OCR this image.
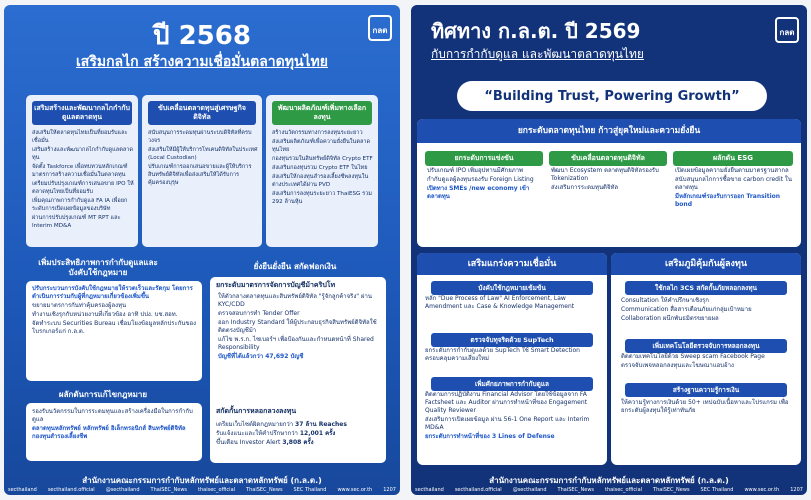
กลต
ปี 2568
เสริมกลไก สร้างความเชื่อมั่นตลาดทุนไทย
เสริมสร้างและพัฒนากลไกกำกับดูแลตลาดทุน

ส่งเสริมให้ตลาดทุนไทยเป็นที่ยอมรับและเชื่อมั่น

เสริมสร้างและพัฒนากลไกกำกับดูแลตลาดทุน

จัดตั้ง Taskforce เพื่อทบทวนหลักเกณฑ์มาตรการสร้างความเชื่อมั่นในตลาดทุน

เตรียมปรับปรุงเกณฑ์การเสนอขาย IPO ให้ตลาดทุนไทยเป็นที่ยอมรับ

เพิ่มคุณภาพการกำกับดูแล FA IA เพื่อยกระดับการเปิดเผยข้อมูลของบริษัท

ผ่านการปรับปรุงเกณฑ์ MT RPT และ Interim MD&A

ขับเคลื่อนตลาดทุนสู่เศรษฐกิจดิจิทัล

สนับสนุนการระดมทุนผ่านระบบดิจิทัลที่ครบวงจร

ส่งเสริมให้มีผู้ให้บริการโทเคนดิจิทัลในประเทศ (Local Custodian)

ปรับเกณฑ์การออกเสนอขายและผู้ให้บริการสินทรัพย์ดิจิทัลเพื่อส่งเสริมให้ได้รับการคุ้มครองบุรุษ

พัฒนาผลิตภัณฑ์เพิ่มทางเลือกลงทุน

สร้างนวัตกรรมทางการลงทุนระยะยาว

ส่งเสริมผลิตภัณฑ์เพื่อความยั่งยืนในตลาดทุนไทย

กองทุนรวมในสินทรัพย์ดิจิทัล Crypto ETF

ส่งเสริมกองทุนรวม Crypto ETF ในไทย

ส่งเสริมให้กองทุนสำรองเลี้ยงชีพลงทุนในต่างประเทศได้ผ่าน PVD

ส่งเสริมการลงทุนระยะยาว ThaiESG รวม 292 ล้านหุ้น

เพิ่มประสิทธิภาพการกำกับดูแลและบังคับใช้กฎหมาย

ปรับกระบวนการบังคับใช้กฎหมายให้รวดเร็วและรัดกุม โดยการดำเนินการร่วมกับผู้ที่กฎหมายเกี่ยวข้องเพิ่มขึ้น

ขยายมาตรการกันท่าคุ้มครองผู้ลงทุน

ทำงานเชิงรุกกับหน่วยงานที่เกี่ยวข้อง อาทิ ปปง. บช.สอท.

จัดทำระบบ Securities Bureau เชื่อมโยงข้อมูลหลักประกันของโบรกเกอร์แก่ ก.ล.ต.

ผลักดันการแก้ไขกฎหมาย

รองรับนวัตกรรมในการระดมทุนและสร้างเครื่องมือในการกำกับดูแล

ตลาดทุนหลักทรัพย์ หลักทรัพย์ อิเล็กทรอนิกส์ สินทรัพย์ดิจิทัล กองทุนสำรองเลี้ยงชีพ

ยั่งยืนยั่งยืน สกัดฟอกเงิน
ยกระดับมาตรการจัดการบัญชีม้าคริปโท

ให้ตัวกลางตลาดทุนและสินทรัพย์ดิจิทัล "รู้จักลูกค้าจริง" ผ่าน KYC/CDD

ตรวจสอบการทำ Tender Offer

ออก Industry Standard ให้ผู้ประกอบธุรกิจสินทรัพย์ดิจิทัลใช้ติดตรงบัญชีม้า

แก้ไข พ.ร.ก. ไซเบอร์ฯ เพื่อป้องกันและกำหนดหน้าที่ Shared Responsibility

บัญชีที่ได้แล้วกว่า 47,692 บัญชี

สกัดกั้นการหลอกลวงลงทุน

เตรียมเว็บไซต์ผิดกฎหมายกว่า 37 ล้าน Reaches

รับแจ้งแนะและให้คำปรึกษากว่า 12,001 ครั้ง

ขึ้นเตือน Investor Alert 3,808 ครั้ง

สำนักงานคณะกรรมการกำกับหลักทรัพย์และตลาดหลักทรัพย์ (ก.ล.ต.)
secthailand secthailand.official @secthailand ThaiSEC_News thaisec_official ThaiSEC_News SEC Thailand www.sec.or.th 1207
กลต
ทิศทาง ก.ล.ต. ปี 2569
กับการกำกับดูแล และพัฒนาตลาดทุนไทย
“Building Trust, Powering Growth”
ยกระดับตลาดทุนไทย ก้าวสู่ยุคใหม่และความยั่งยืน
ยกระดับการแข่งขัน

ปรับเกณฑ์ IPO เพิ่มอุปทานมีศักยภาพ

กำกับดูแลผู้ลงทุนรองรับ Foreign Listing

เปิดทาง SMEs /new economy เข้าตลาดทุน

ขับเคลื่อนตลาดทุนดิจิทัล

พัฒนา Ecosystem ตลาดทุนดิจิทัลรองรับ Tokenization

ส่งเสริมการระดมทุนดิจิทัล

ผลักดัน ESG

เปิดเผยข้อมูลความยั่งยืนตามมาตรฐานสากล

สนับสนุนกลไกการซื้อขาย carbon credit ในตลาดทุน

มีหลักเกณฑ์รองรับการออก Transition bond

เสริมแกร่งความเชื่อมั่น
บังคับใช้กฎหมายเข้มข้น
หลัก "Due Process of Law" AI Enforcement, Law Amendment และ Case & Knowledge Management
ตรวจจับทุจริตด้วย SupTech
ยกระดับการกำกับดูแลด้วย SupTech ใช้ Smart Detection ครอบคลุมความเสี่ยงใหม่
เพิ่มศักยภาพการกำกับดูแล

ติดตามการปฏิบัติงาน Financial Advisor โดยใช้ข้อมูลจาก FA Factsheet และ Auditor ผ่านการทำหน้าที่ของ Engagement Quality Reviewer

ส่งเสริมการเปิดเผยข้อมูล ผ่าน 56-1 One Report และ Interim MD&A

ยกระดับการทำหน้าที่ของ 3 Lines of Defense

เสริมภูมิคุ้มกันผู้ลงทุน
ใช้กลไก 3CS สกัดกั้นภัยหลอกลงทุน

Consultation ให้คำปรึกษาเชิงรุก

Communication สื่อสารเตือนภัยแก่กลุ่มเป้าหมาย

Collaboration ผนึกพันธมิตรขยายผล

เพิ่มเทคโนโลยีตรวจจับการหลอกลงทุน

ติดตามเทคโนโลยีด้วย Sweep scam Facebook Page

ตรวจจับเพจหลอกลงทุนและโฆษณาแอบอ้าง

สร้างฐานความรู้การเงิน
ให้ความรู้ทางการเงินด้วย 50+ เทปฉบับเนื้อหาและโปรแกรม เพื่อยกระดับผู้ลงทุนให้รู้เท่าทันภัย
สำนักงานคณะกรรมการกำกับหลักทรัพย์และตลาดหลักทรัพย์ (ก.ล.ต.)
secthailand secthailand.official @secthailand ThaiSEC_News thaisec_official ThaiSEC_News SEC Thailand www.sec.or.th 1207
